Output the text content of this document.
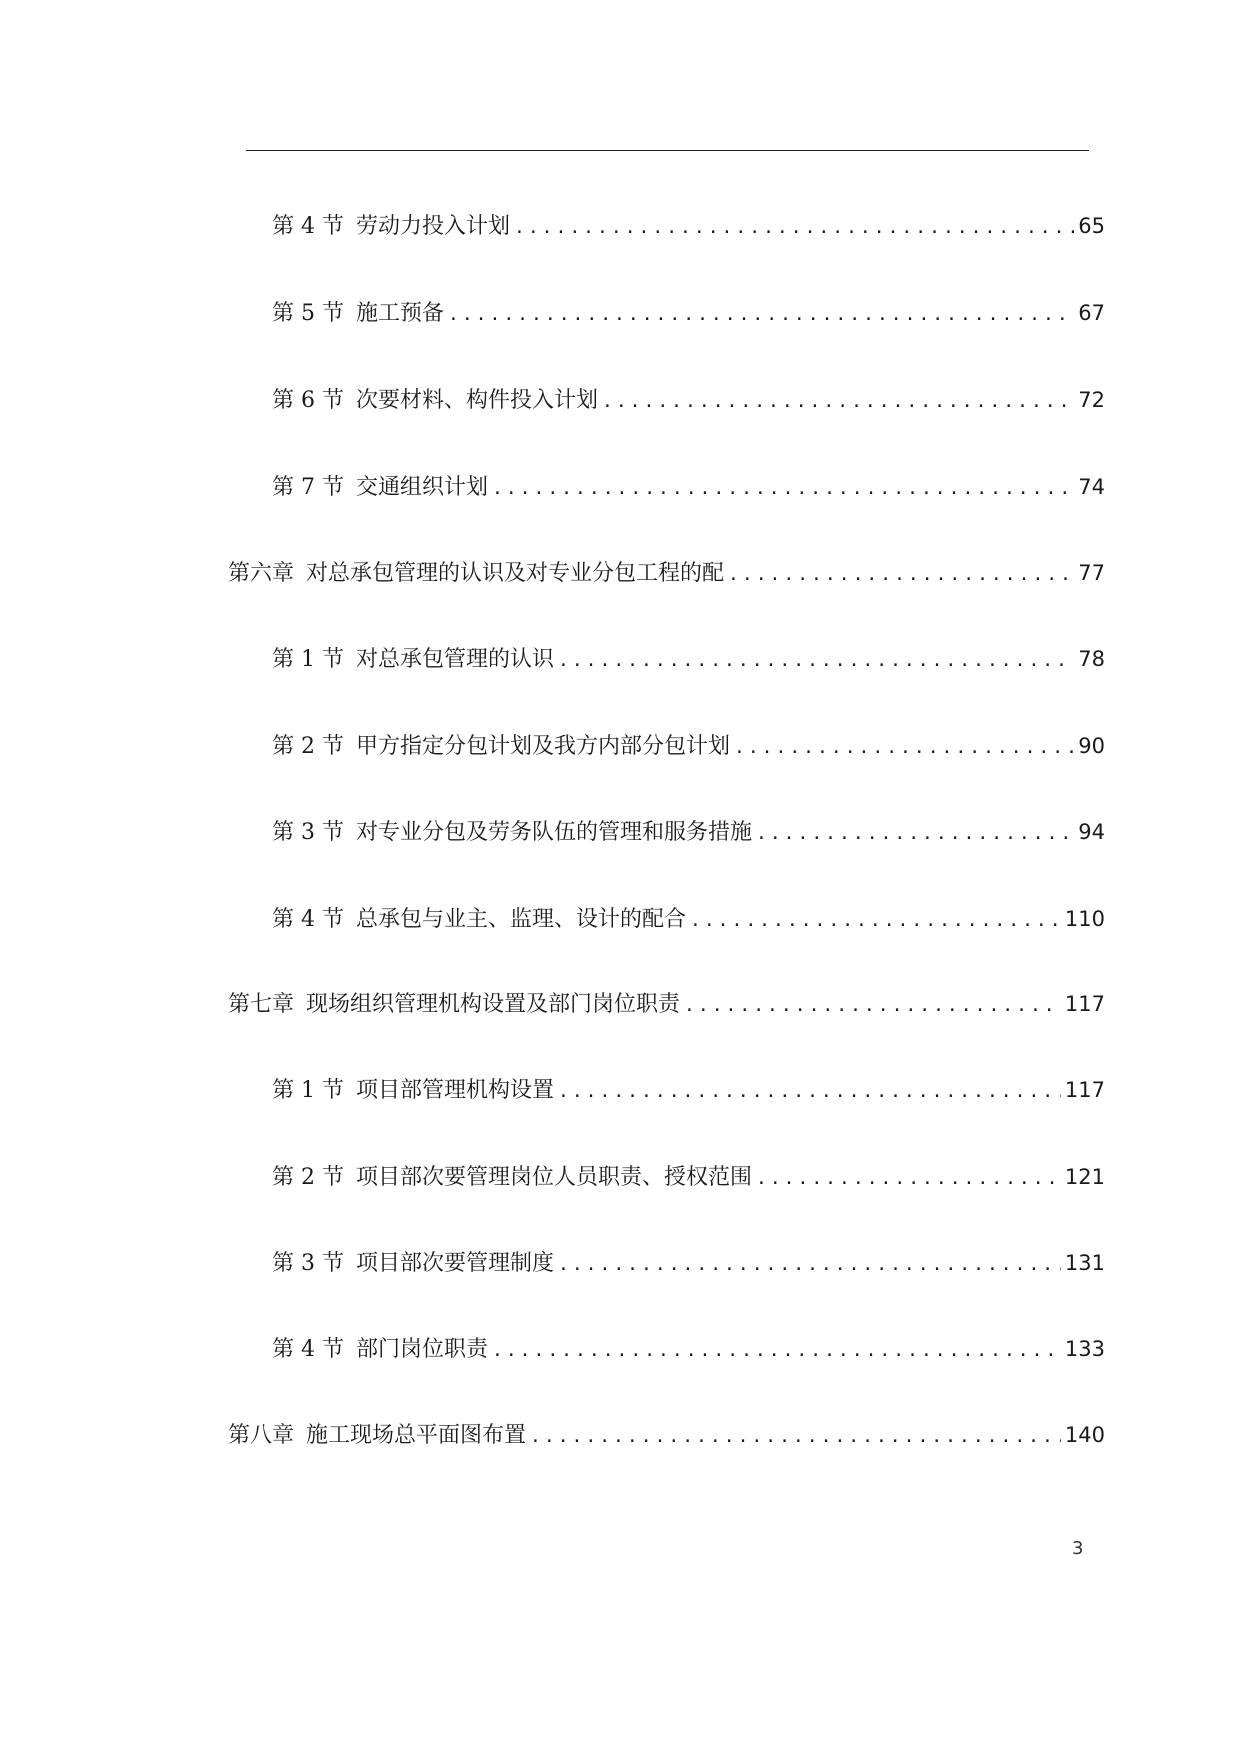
第 4 节 劳动力投入计划 .....	65
第 5 节 施工预备 .....	67
第 6 节 次要材料、构件投入计划 .....	72
第 7 节 交通组织计划 .....	74
第六章 对总承包管理的认识及对专业分包工程的配 .....	77
第 1 节 对总承包管理的认识 .....	78
第 2 节 甲方指定分包计划及我方内部分包计划 .....	90
第 3 节 对专业分包及劳务队伍的管理和服务措施 .....	94
第 4 节 总承包与业主、监理、设计的配合 .....	110
第七章 现场组织管理机构设置及部门岗位职责 .....	117
第 1 节 项目部管理机构设置 .....	117
第 2 节 项目部次要管理岗位人员职责、授权范围 .....	121
第 3 节 项目部次要管理制度 .....	131
第 4 节 部门岗位职责 .....	133
第八章 施工现场总平面图布置 .....	140
3
